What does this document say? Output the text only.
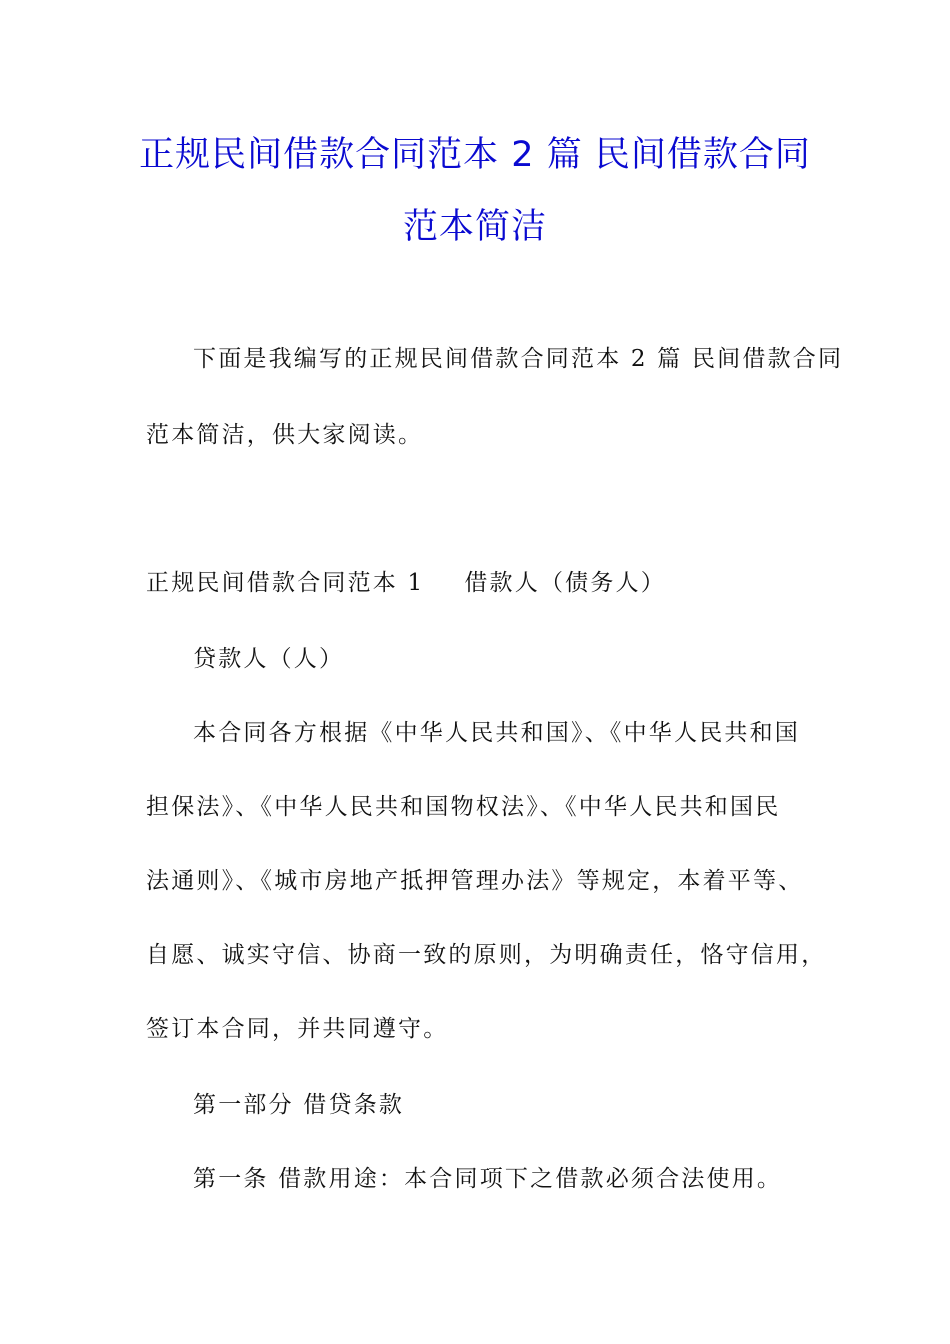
正规民间借款合同范本 2 篇 民间借款合同
范本简洁
下面是我编写的正规民间借款合同范本 2 篇 民间借款合同
范本简洁，供大家阅读。
正规民间借款合同范本 1 借款人（债务人）
贷款人（人）
本合同各方根据《中华人民共和国》、《中华人民共和国
担保法》、《中华人民共和国物权法》、《中华人民共和国民
法通则》、《城市房地产抵押管理办法》等规定，本着平等、
自愿、诚实守信、协商一致的原则，为明确责任，恪守信用，
签订本合同，并共同遵守。
第一部分 借贷条款
第一条 借款用途：本合同项下之借款必须合法使用。
